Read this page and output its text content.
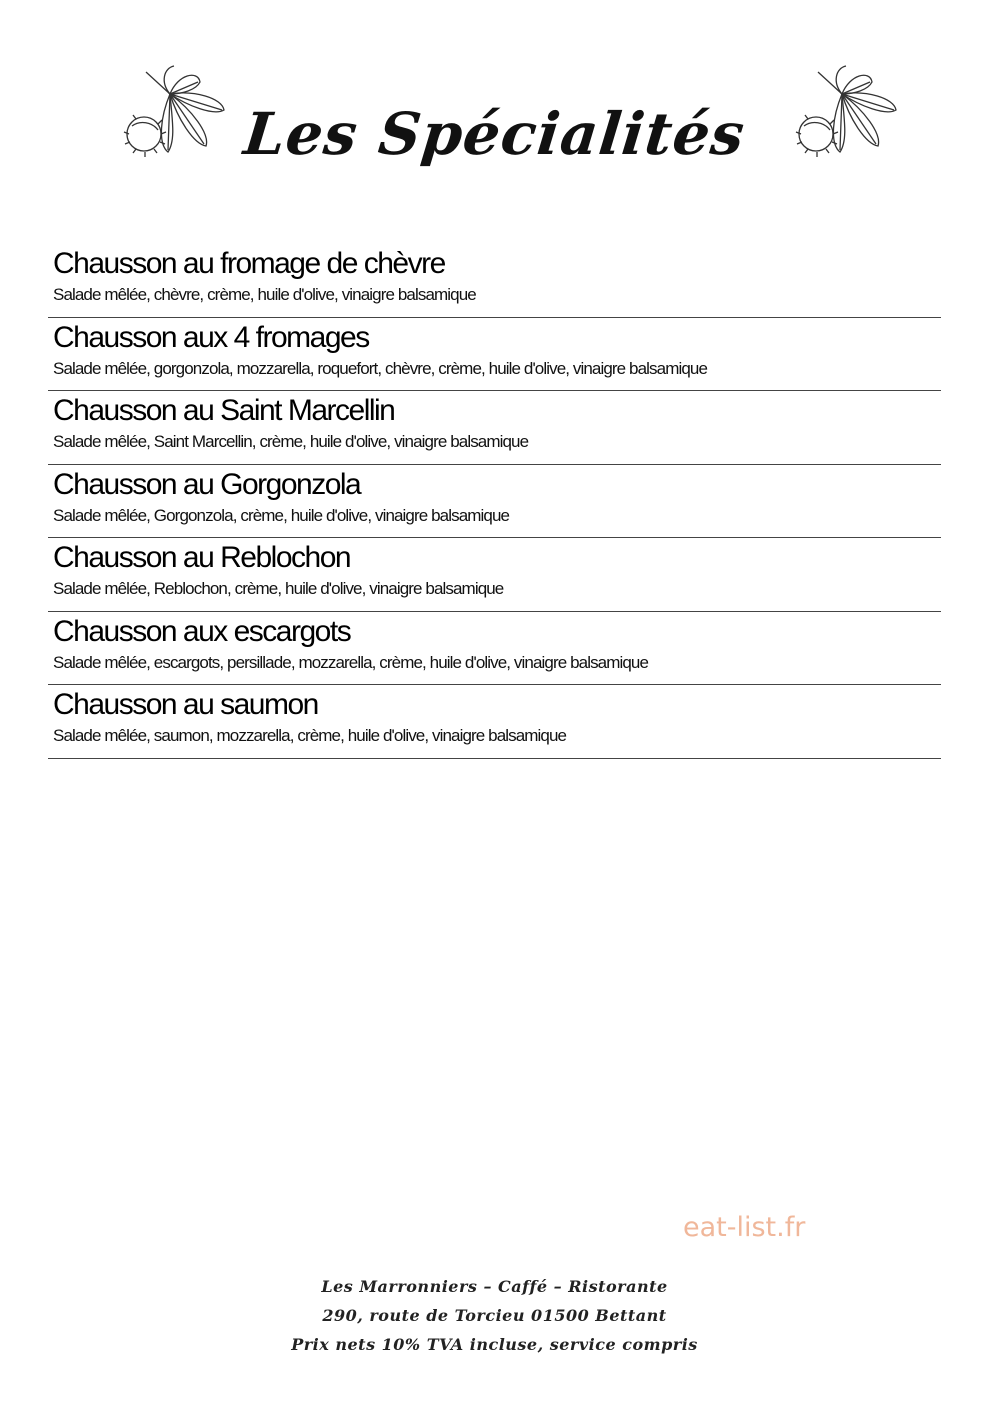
Les Spécialités
Chausson au fromage de chèvre
Salade mêlée, chèvre, crème, huile d'olive, vinaigre balsamique
Chausson aux 4 fromages
Salade mêlée, gorgonzola, mozzarella, roquefort, chèvre, crème, huile d'olive, vinaigre balsamique
Chausson au Saint Marcellin
Salade mêlée, Saint Marcellin, crème, huile d'olive, vinaigre balsamique
Chausson au Gorgonzola
Salade mêlée, Gorgonzola, crème, huile d'olive, vinaigre balsamique
Chausson au Reblochon
Salade mêlée, Reblochon, crème, huile d'olive, vinaigre balsamique
Chausson aux escargots
Salade mêlée, escargots, persillade, mozzarella, crème, huile d'olive, vinaigre balsamique
Chausson au saumon
Salade mêlée, saumon, mozzarella, crème, huile d'olive, vinaigre balsamique
eat-list.fr
Les Marronniers – Caffé – Ristorante
290, route de Torcieu 01500 Bettant
Prix nets 10% TVA incluse, service compris
